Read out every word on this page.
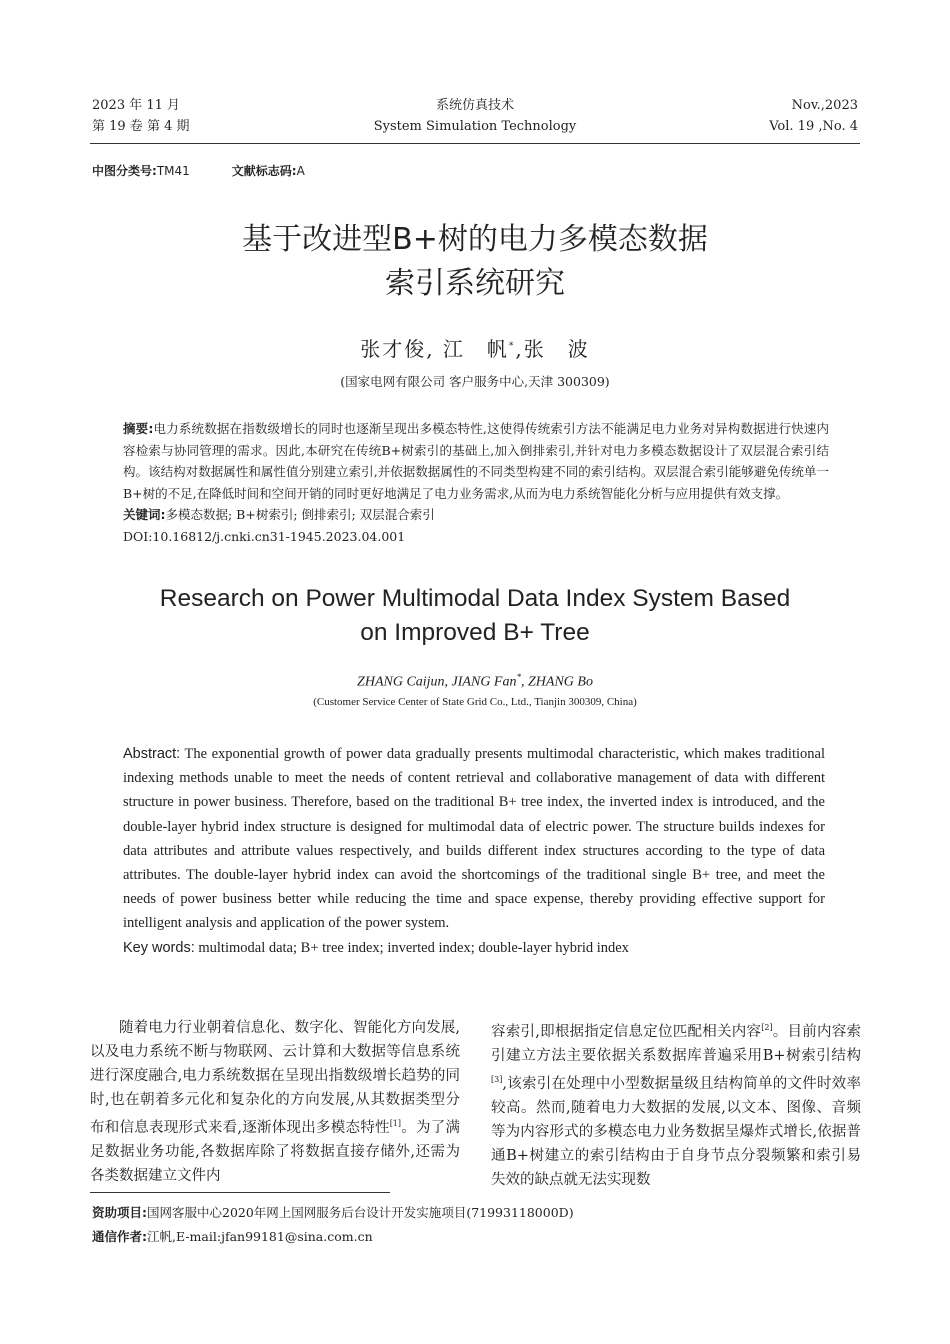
2023 年 11 月
第 19 卷 第 4 期
系统仿真技术
System Simulation Technology
Nov.,2023
Vol. 19 ,No. 4
中图分类号:TM41	文献标志码:A
基于改进型B+树的电力多模态数据
索引系统研究
张才俊, 江　帆*,张　波
(国家电网有限公司 客户服务中心,天津 300309)
摘要:电力系统数据在指数级增长的同时也逐渐呈现出多模态特性,这使得传统索引方法不能满足电力业务对异构数据进行快速内容检索与协同管理的需求。因此,本研究在传统B+树索引的基础上,加入倒排索引,并针对电力多模态数据设计了双层混合索引结构。该结构对数据属性和属性值分别建立索引,并依据数据属性的不同类型构建不同的索引结构。双层混合索引能够避免传统单一B+树的不足,在降低时间和空间开销的同时更好地满足了电力业务需求,从而为电力系统智能化分析与应用提供有效支撑。
关键词:多模态数据; B+树索引; 倒排索引; 双层混合索引
DOI:10.16812/j.cnki.cn31-1945.2023.04.001
Research on Power Multimodal Data Index System Based
on Improved B+ Tree
ZHANG Caijun, JIANG Fan*, ZHANG Bo
(Customer Service Center of State Grid Co., Ltd., Tianjin 300309, China)
Abstract: The exponential growth of power data gradually presents multimodal characteristic, which makes traditional indexing methods unable to meet the needs of content retrieval and collaborative management of data with different structure in power business. Therefore, based on the traditional B+ tree index, the inverted index is introduced, and the double-layer hybrid index structure is designed for multimodal data of electric power. The structure builds indexes for data attributes and attribute values respectively, and builds different index structures according to the type of data attributes. The double-layer hybrid index can avoid the shortcomings of the traditional single B+ tree, and meet the needs of power business better while reducing the time and space expense, thereby providing effective support for intelligent analysis and application of the power system.
Key words: multimodal data; B+ tree index; inverted index; double-layer hybrid index
随着电力行业朝着信息化、数字化、智能化方向发展,以及电力系统不断与物联网、云计算和大数据等信息系统进行深度融合,电力系统数据在呈现出指数级增长趋势的同时,也在朝着多元化和复杂化的方向发展,从其数据类型分布和信息表现形式来看,逐渐体现出多模态特性[1]。为了满足数据业务功能,各数据库除了将数据直接存储外,还需为各类数据建立文件内
容索引,即根据指定信息定位匹配相关内容[2]。目前内容索引建立方法主要依据关系数据库普遍采用B+树索引结构[3],该索引在处理中小型数据量级且结构简单的文件时效率较高。然而,随着电力大数据的发展,以文本、图像、音频等为内容形式的多模态电力业务数据呈爆炸式增长,依据普通B+树建立的索引结构由于自身节点分裂频繁和索引易失效的缺点就无法实现数
资助项目:国网客服中心2020年网上国网服务后台设计开发实施项目(71993118000D)
通信作者:江帆,E-mail:jfan99181@sina.com.cn
